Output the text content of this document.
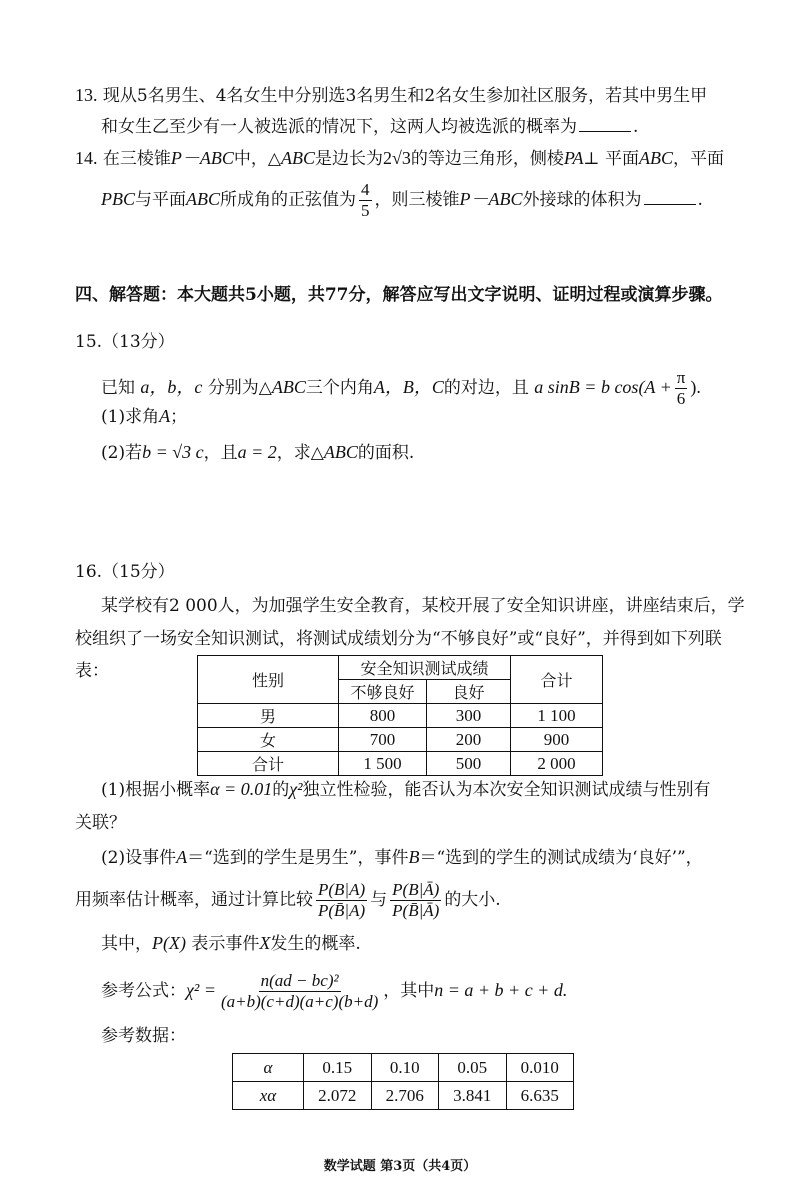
13. 现从5名男生、4名女生中分别选3名男生和2名女生参加社区服务，若其中男生甲
和女生乙至少有一人被选派的情况下，这两人均被选派的概率为	.
14. 在三棱锥P－ABC中，△ABC是边长为2√3的等边三角形，侧棱PA⊥ 平面ABC，平面
PBC与平面ABC所成角的正弦值为 $\frac{4}{5}$ ，则三棱锥P－ABC外接球的体积为	.
四、解答题：本大题共5小题，共77分，解答应写出文字说明、证明过程或演算步骤。
15.（13分）
已知 a，b，c 分别为△ABC三个内角A，B，C的对边，且 a sinB = b $\cos(A + \frac{\pi}{6}$ ).
(1)求角A；
(2)若b = √3 c，且a = 2，求△ABC的面积.
16.（15分）
某学校有2 000人，为加强学生安全教育，某校开展了安全知识讲座，讲座结束后，学
校组织了一场安全知识测试，将测试成绩划分为“不够良好”或“良好”，并得到如下列联
表：	性别	安全知识测试成绩		合计
	不够良好	良好	
男	800	300	1 100
女	700	200	900
合计	1 500	500	2 000
(1)根据小概率α = 0.01的χ²独立性检验，能否认为本次安全知识测试成绩与性别有
关联？
(2)设事件A＝“选到的学生是男生”，事件B＝“选到的学生的测试成绩为‘良好’”，
用频率估计概率，通过计算比较 $\frac{P(B|A)}{P(B̄|A)}$ 与 $\frac{P(B|Ā)}{P(B̄|Ā)}$ 的大小.
其中，P(X) 表示事件X发生的概率.
参考公式：$\chi^2 = \frac{\text{n(ad − bc)²}}{(a+b)(c+d)(a+c)(b+d)}$ ，其中n = a + b + c + d.
参考数据：
α	0.15	0.10	0.05	0.010
xα	2.072	2.706	3.841	6.635
数学试题 第3页（共4页）
